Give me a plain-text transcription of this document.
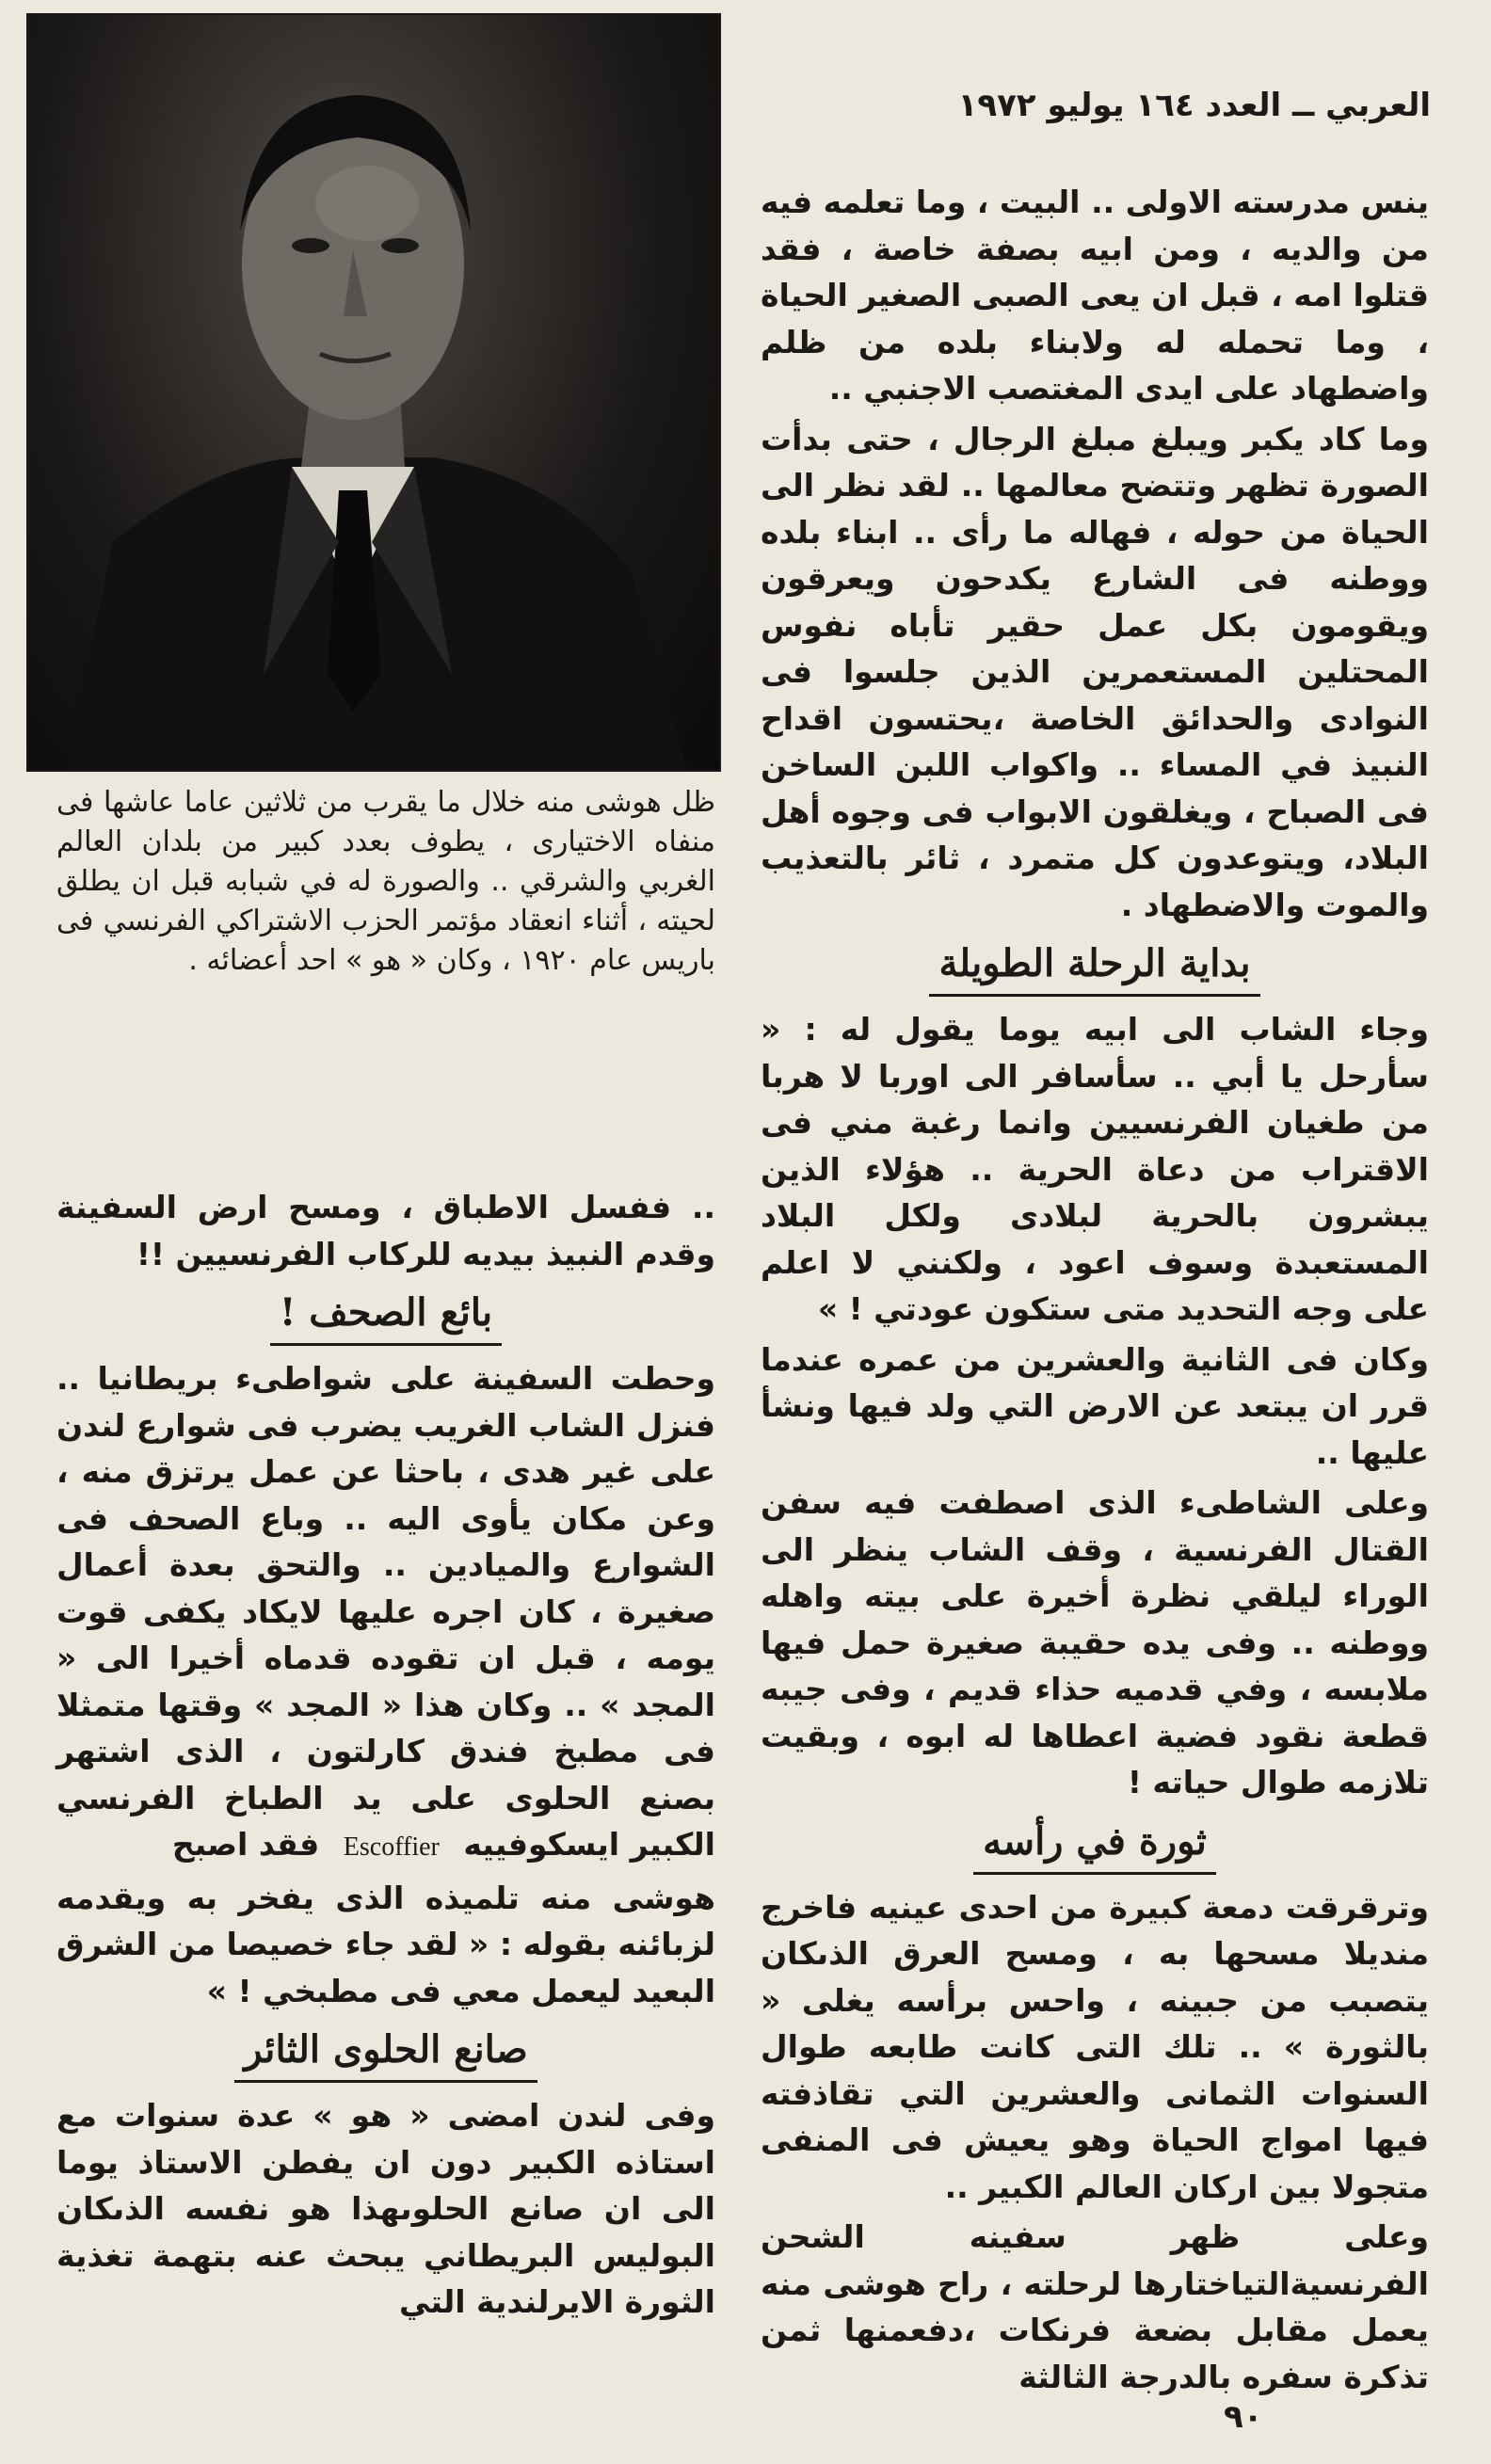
العربي ــ العدد ١٦٤ يوليو ١٩٧٢

ينس مدرسته الاولى .. البيت ، وما تعلمه فيه من والديه ، ومن ابيه بصفة خاصة ، فقد قتلوا امه ، قبل ان يعى الصبى الصغير الحياة ، وما تحمله له ولابناء بلده من ظلم واضطهاد على ايدى المغتصب الاجنبي ..

وما كاد يكبر ويبلغ مبلغ الرجال ، حتى بدأت الصورة تظهر وتتضح معالمها .. لقد نظر الى الحياة من حوله ، فهاله ما رأى .. ابناء بلده ووطنه فى الشارع يكدحون ويعرقون ويقومون بكل عمل حقير تأباه نفوس المحتلين المستعمرين الذين جلسوا فى النوادى والحدائق الخاصة ،يحتسون اقداح النبيذ في المساء .. واكواب اللبن الساخن فى الصباح ، ويغلقون الابواب فى وجوه أهل البلاد، ويتوعدون كل متمرد ، ثائر بالتعذيب والموت والاضطهاد .

بداية الرحلة الطويلة

وجاء الشاب الى ابيه يوما يقول له : « سأرحل يا أبي .. سأسافر الى اوربا لا هربا من طغيان الفرنسيين وانما رغبة مني فى الاقتراب من دعاة الحرية .. هؤلاء الذين يبشرون بالحرية لبلادى ولكل البلاد المستعبدة وسوف اعود ، ولكنني لا اعلم على وجه التحديد متى ستكون عودتي ! »

وكان فى الثانية والعشرين من عمره عندما قرر ان يبتعد عن الارض التي ولد فيها ونشأ عليها ..

وعلى الشاطىء الذى اصطفت فيه سفن القتال الفرنسية ، وقف الشاب ينظر الى الوراء ليلقي نظرة أخيرة على بيته واهله ووطنه .. وفى يده حقيبة صغيرة حمل فيها ملابسه ، وفي قدميه حذاء قديم ، وفى جيبه قطعة نقود فضية اعطاها له ابوه ، وبقيت تلازمه طوال حياته !

ثورة في رأسه

وترقرقت دمعة كبيرة من احدى عينيه فاخرج منديلا مسحها به ، ومسح العرق الذىكان يتصبب من جبينه ، واحس برأسه يغلى « بالثورة » .. تلك التى كانت طابعه طوال السنوات الثمانى والعشرين التي تقاذفته فيها امواج الحياة وهو يعيش فى المنفى متجولا بين اركان العالم الكبير ..

وعلى ظهر سفينه الشحن الفرنسيةالتياختارها لرحلته ، راح هوشى منه يعمل مقابل بضعة فرنكات ،دفعمنها ثمن تذكرة سفره بالدرجة الثالثة

ظل هوشى منه خلال ما يقرب من ثلاثين عاما عاشها فى منفاه الاختيارى ، يطوف بعدد كبير من بلدان العالم الغربي والشرقي .. والصورة له في شبابه قبل ان يطلق لحيته ، أثناء انعقاد مؤتمر الحزب الاشتراكي الفرنسي فى باريس عام ١٩٢٠ ، وكان « هو » احد أعضائه .

.. ففسل الاطباق ، ومسح ارض السفينة وقدم النبيذ بيديه للركاب الفرنسيين !!

بائع الصحف !

وحطت السفينة على شواطىء بريطانيا .. فنزل الشاب الغريب يضرب فى شوارع لندن على غير هدى ، باحثا عن عمل يرتزق منه ، وعن مكان يأوى اليه .. وباع الصحف فى الشوارع والميادين .. والتحق بعدة أعمال صغيرة ، كان اجره عليها لايكاد يكفى قوت يومه ، قبل ان تقوده قدماه أخيرا الى « المجد » .. وكان هذا « المجد » وقتها متمثلا فى مطبخ فندق كارلتون ، الذى اشتهر بصنع الحلوى على يد الطباخ الفرنسي الكبير ايسكوفييه Escoffier فقد اصبح

هوشى منه تلميذه الذى يفخر به ويقدمه لزبائنه بقوله : « لقد جاء خصيصا من الشرق البعيد ليعمل معي فى مطبخي ! »

صانع الحلوى الثائر

وفى لندن امضى « هو » عدة سنوات مع استاذه الكبير دون ان يفطن الاستاذ يوما الى ان صانع الحلوىهذا هو نفسه الذىكان البوليس البريطاني يبحث عنه بتهمة تغذية الثورة الايرلندية التي

٩٠
